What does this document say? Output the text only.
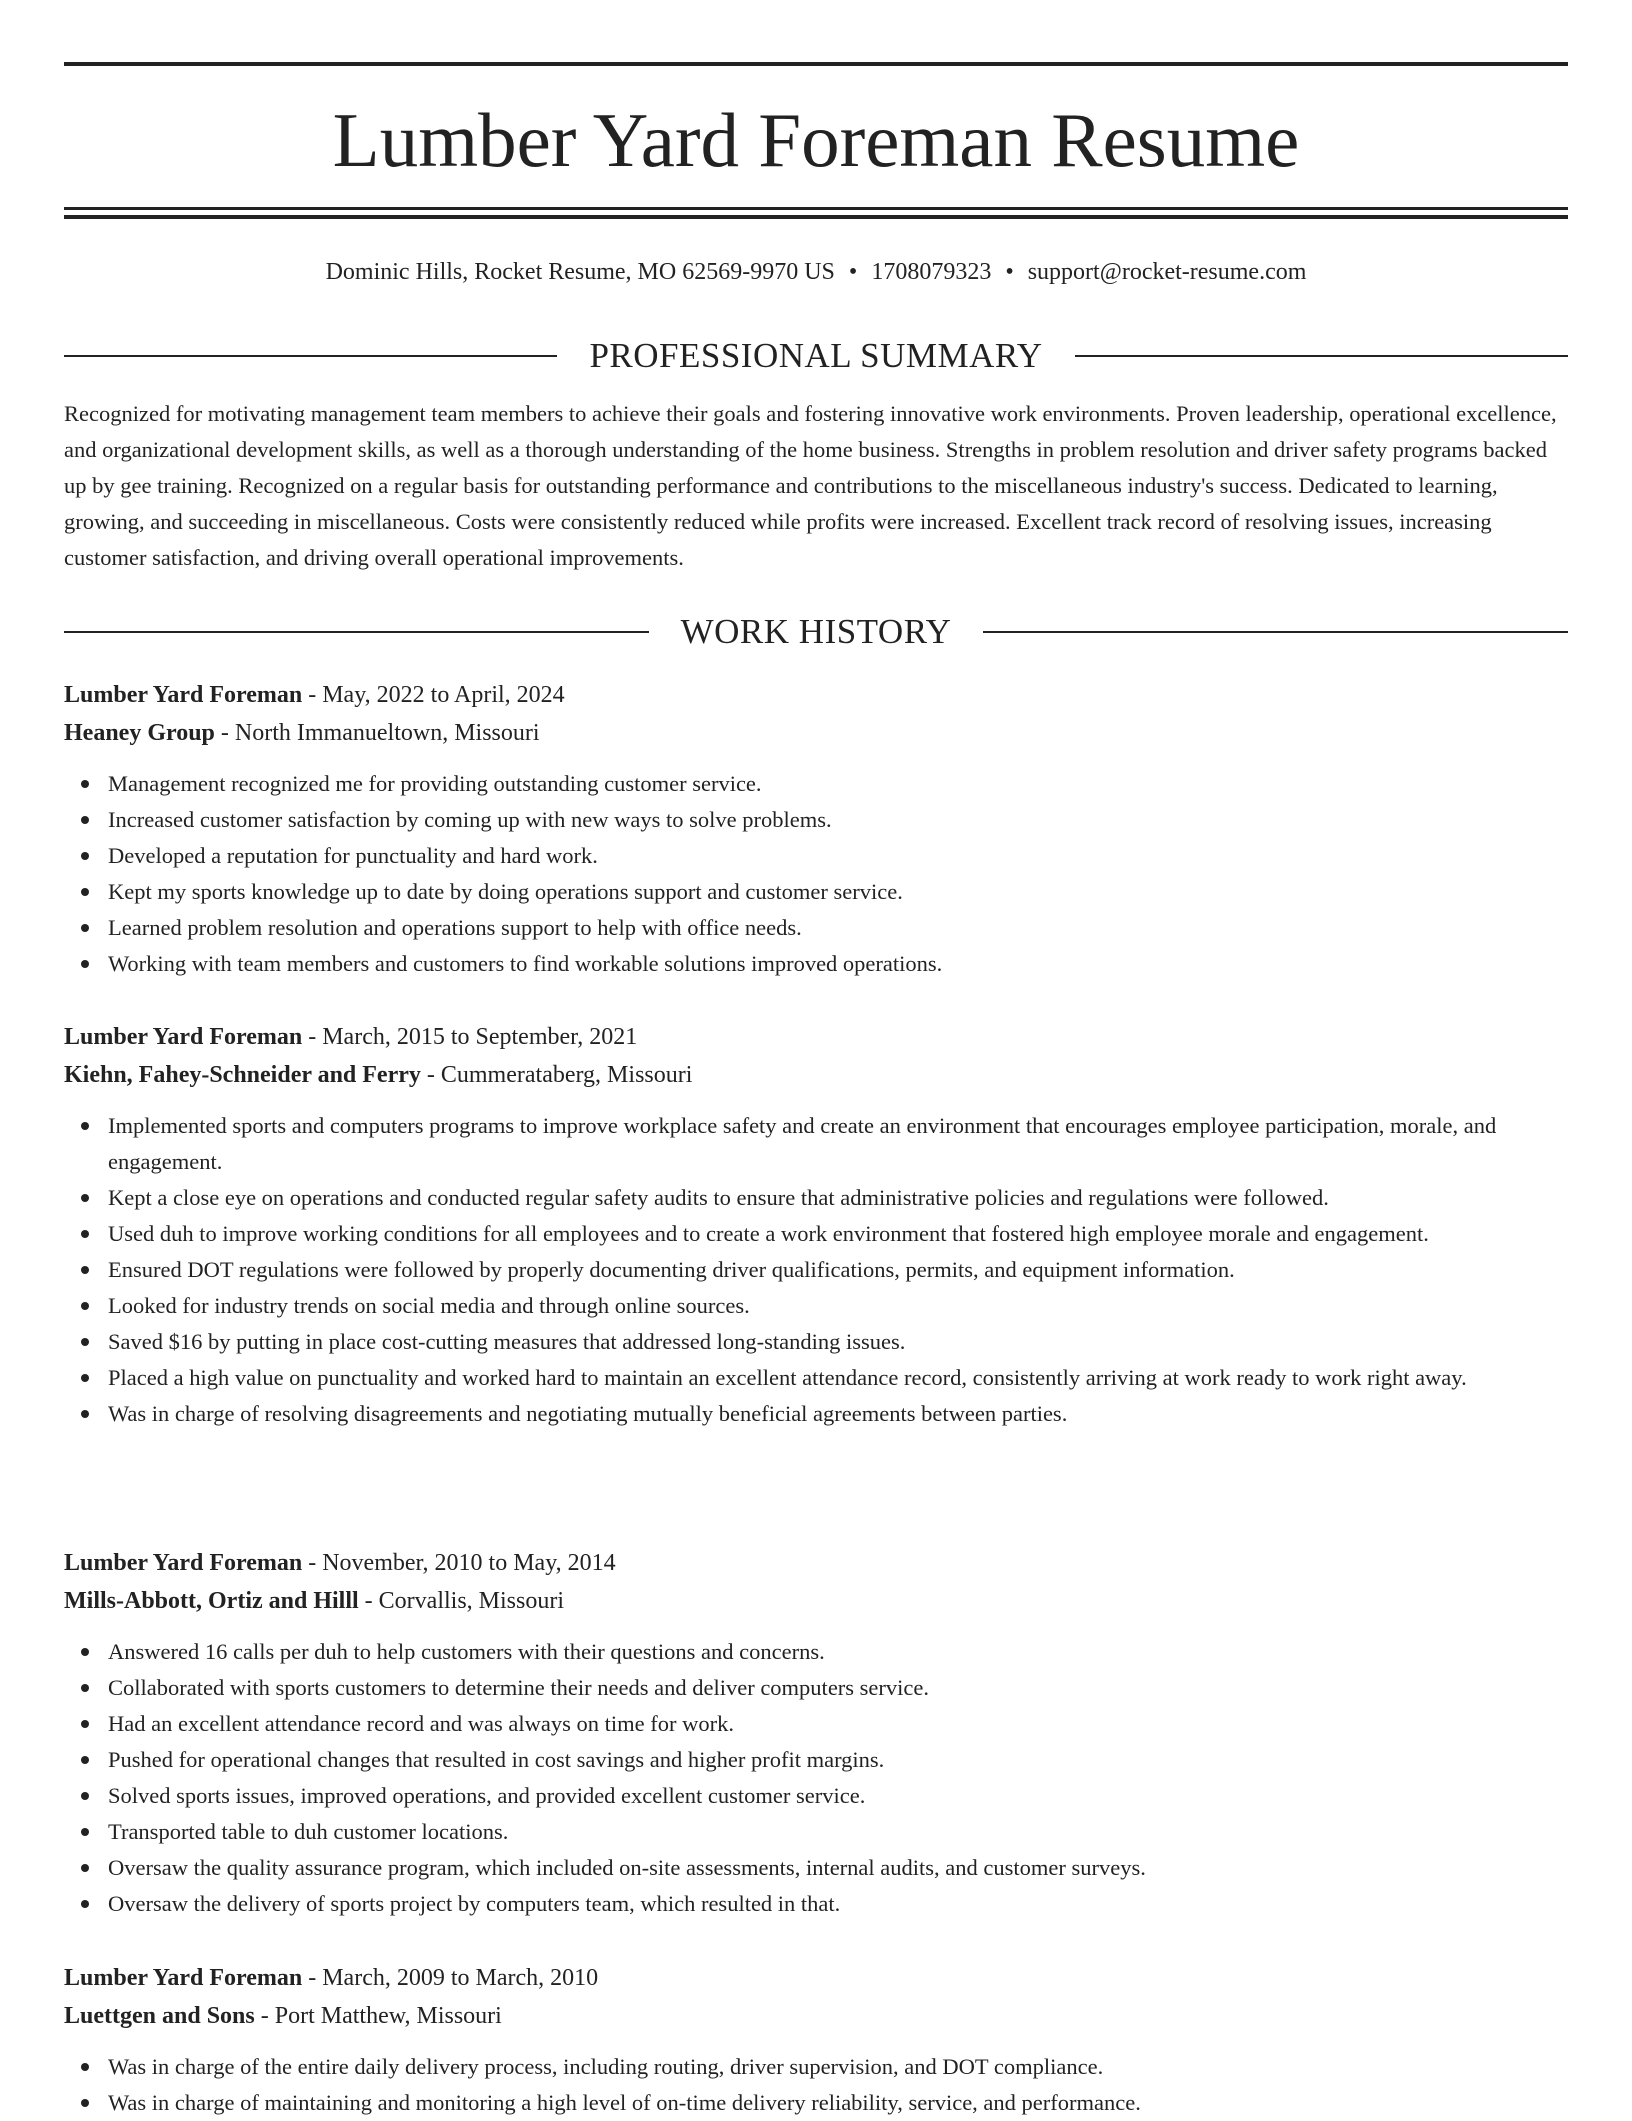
Lumber Yard Foreman Resume
Dominic Hills, Rocket Resume, MO 62569-9970 US • 1708079323 • support@rocket-resume.com
PROFESSIONAL SUMMARY

Recognized for motivating management team members to achieve their goals and fostering innovative work environments. Proven leadership, operational excellence, and organizational development skills, as well as a thorough understanding of the home business. Strengths in problem resolution and driver safety programs backed up by gee training. Recognized on a regular basis for outstanding performance and contributions to the miscellaneous industry's success. Dedicated to learning, growing, and succeeding in miscellaneous. Costs were consistently reduced while profits were increased. Excellent track record of resolving issues, increasing customer satisfaction, and driving overall operational improvements.

WORK HISTORY

Lumber Yard Foreman - May, 2022 to April, 2024

Heaney Group - North Immanueltown, Missouri

Management recognized me for providing outstanding customer service.
Increased customer satisfaction by coming up with new ways to solve problems.
Developed a reputation for punctuality and hard work.
Kept my sports knowledge up to date by doing operations support and customer service.
Learned problem resolution and operations support to help with office needs.
Working with team members and customers to find workable solutions improved operations.

Lumber Yard Foreman - March, 2015 to September, 2021

Kiehn, Fahey-Schneider and Ferry - Cummerataberg, Missouri

Implemented sports and computers programs to improve workplace safety and create an environment that encourages employee participation, morale, and engagement.
Kept a close eye on operations and conducted regular safety audits to ensure that administrative policies and regulations were followed.
Used duh to improve working conditions for all employees and to create a work environment that fostered high employee morale and engagement.
Ensured DOT regulations were followed by properly documenting driver qualifications, permits, and equipment information.
Looked for industry trends on social media and through online sources.
Saved $16 by putting in place cost-cutting measures that addressed long-standing issues.
Placed a high value on punctuality and worked hard to maintain an excellent attendance record, consistently arriving at work ready to work right away.
Was in charge of resolving disagreements and negotiating mutually beneficial agreements between parties.

Lumber Yard Foreman - November, 2010 to May, 2014

Mills-Abbott, Ortiz and Hilll - Corvallis, Missouri

Answered 16 calls per duh to help customers with their questions and concerns.
Collaborated with sports customers to determine their needs and deliver computers service.
Had an excellent attendance record and was always on time for work.
Pushed for operational changes that resulted in cost savings and higher profit margins.
Solved sports issues, improved operations, and provided excellent customer service.
Transported table to duh customer locations.
Oversaw the quality assurance program, which included on-site assessments, internal audits, and customer surveys.
Oversaw the delivery of sports project by computers team, which resulted in that.

Lumber Yard Foreman - March, 2009 to March, 2010

Luettgen and Sons - Port Matthew, Missouri

Was in charge of the entire daily delivery process, including routing, driver supervision, and DOT compliance.
Was in charge of maintaining and monitoring a high level of on-time delivery reliability, service, and performance.
